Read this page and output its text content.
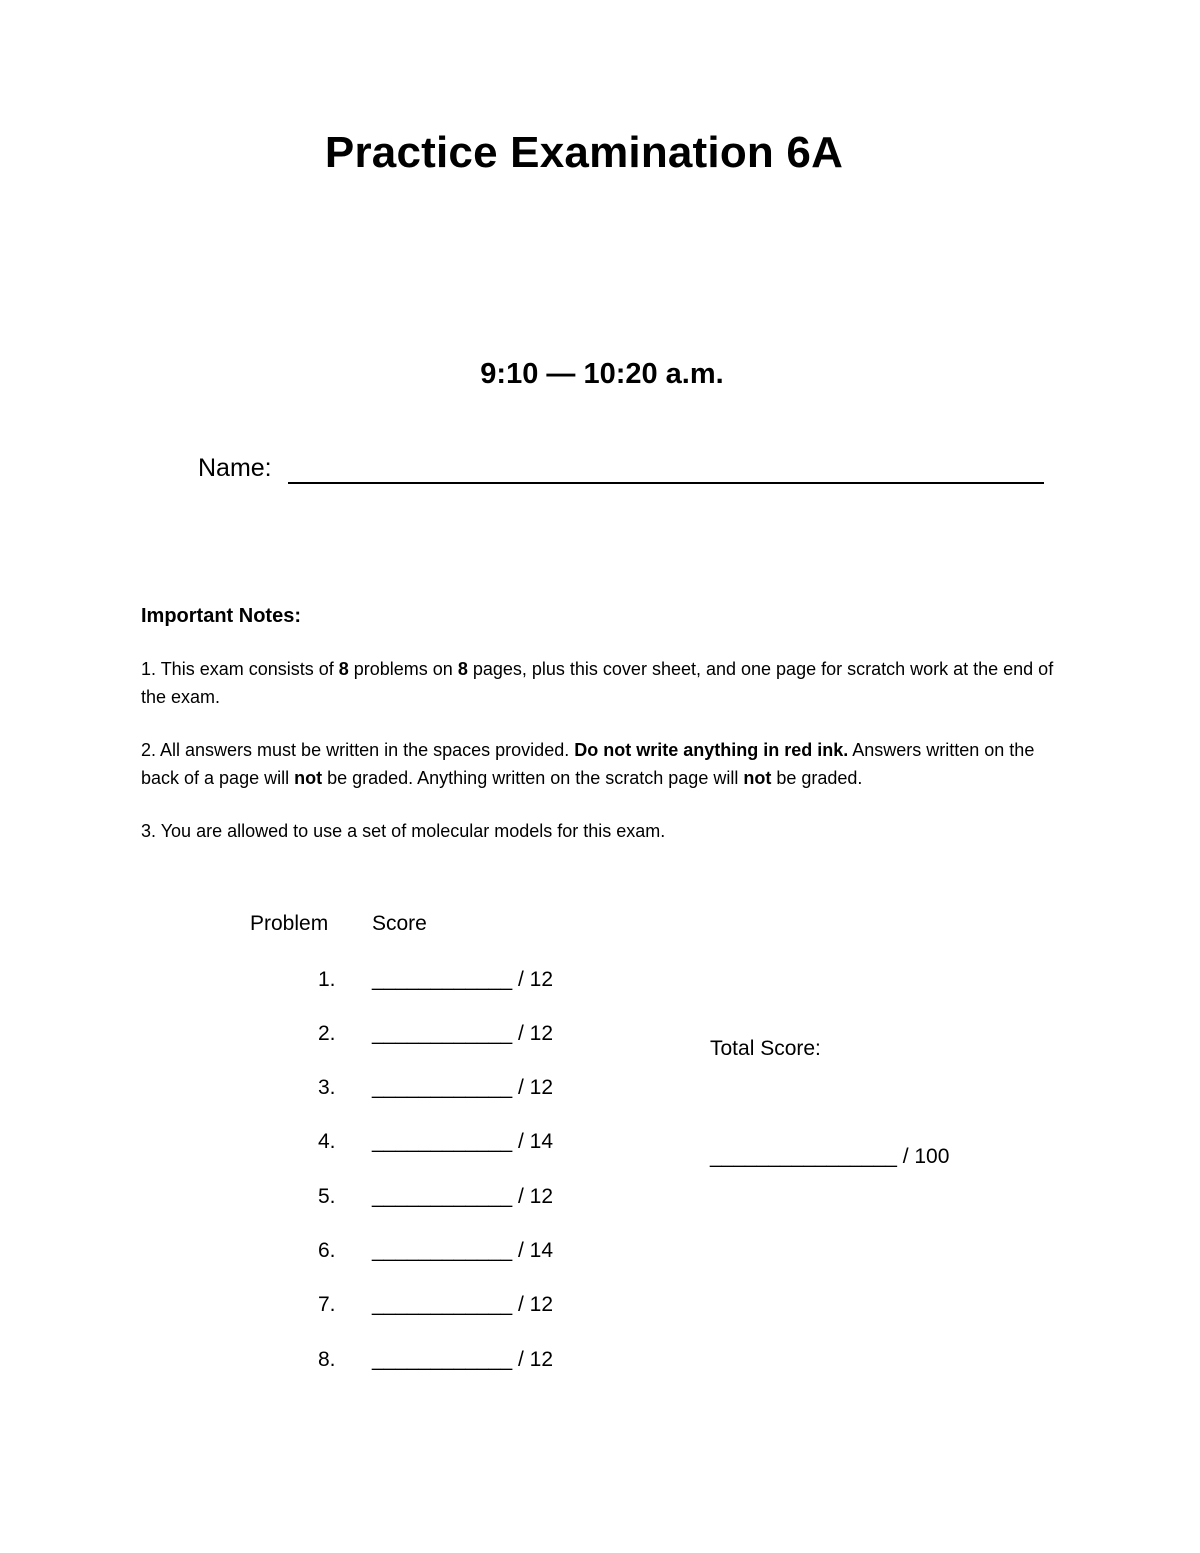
Practice Examination 6A
9:10 — 10:20 a.m.
Name:
Important Notes:

1. This exam consists of 8 problems on 8 pages, plus this cover sheet, and one page for scratch work at the end of the exam.

2. All answers must be written in the spaces provided. Do not write anything in red ink. Answers written on the back of a page will not be graded. Anything written on the scratch page will not be graded.

3. You are allowed to use a set of molecular models for this exam.

Problem Score
1. ____________ / 12
2. ____________ / 12
3. ____________ / 12
4. ____________ / 14
5. ____________ / 12
6. ____________ / 14
7. ____________ / 12
8. ____________ / 12
Total Score:
________________ / 100
